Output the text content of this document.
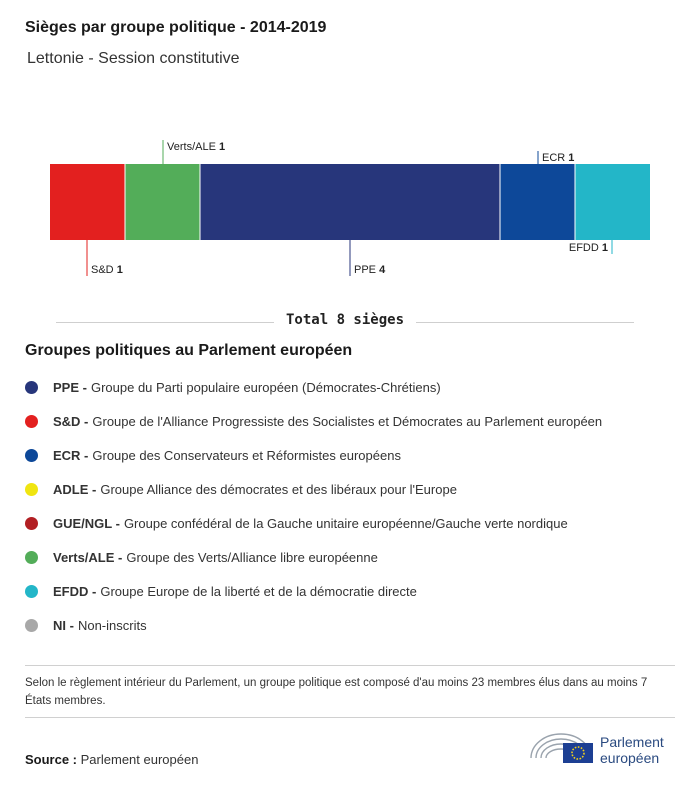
Sièges par groupe politique - 2014-2019
Lettonie - Session constitutive
S&D 1
Verts/ALE 1
PPE 4
ECR 1
EFDD 1
Total 8 sièges
Groupes politiques au Parlement européen
PPE - Groupe du Parti populaire européen (Démocrates-Chrétiens)
S&D - Groupe de l'Alliance Progressiste des Socialistes et Démocrates au Parlement européen
ECR - Groupe des Conservateurs et Réformistes européens
ADLE - Groupe Alliance des démocrates et des libéraux pour l'Europe
GUE/NGL - Groupe confédéral de la Gauche unitaire européenne/Gauche verte nordique
Verts/ALE - Groupe des Verts/Alliance libre européenne
EFDD - Groupe Europe de la liberté et de la démocratie directe
NI - Non-inscrits
Selon le règlement intérieur du Parlement, un groupe politique est composé d'au moins 23 membres élus dans au moins 7 États membres.
Source : Parlement européen
Parlement
européen
